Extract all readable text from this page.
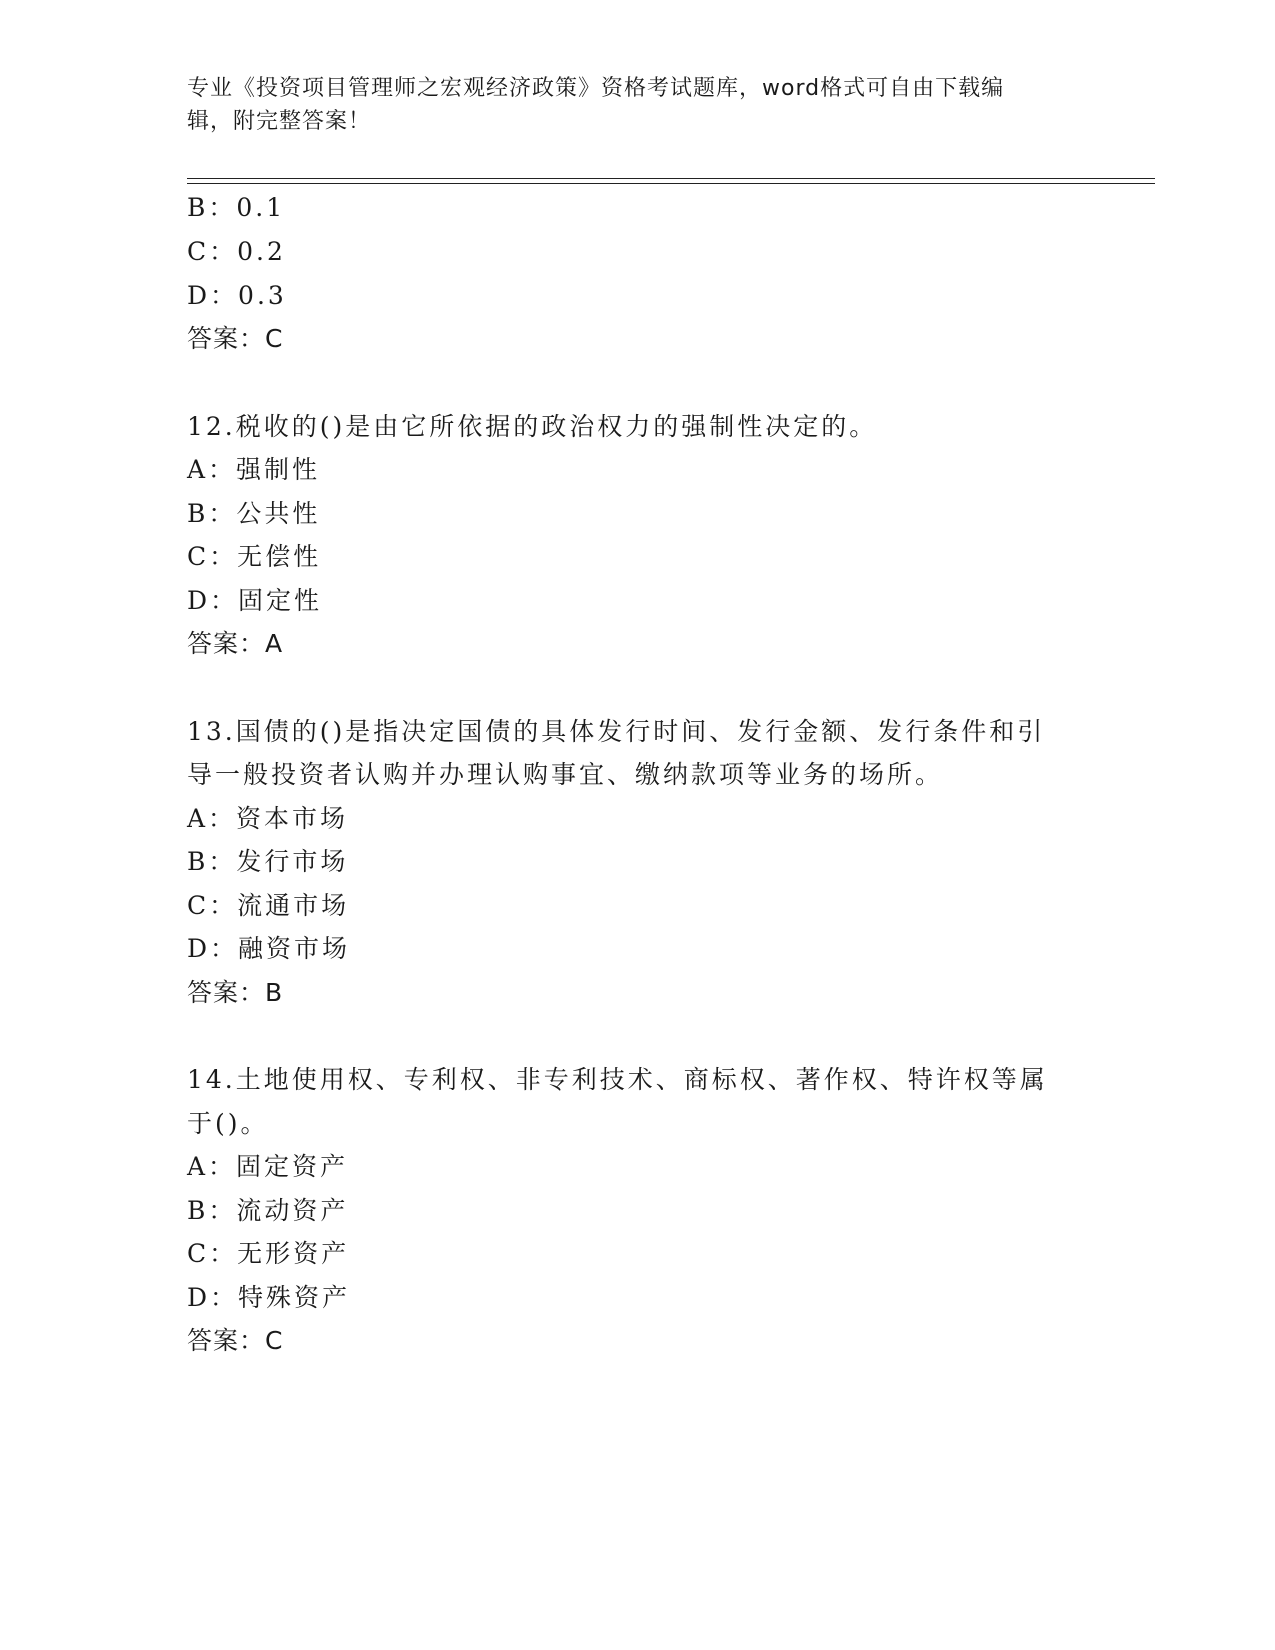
专业《投资项目管理师之宏观经济政策》资格考试题库，word格式可自由下载编
辑，附完整答案！
B：0.1
C：0.2
D：0.3
答案：C
12.税收的()是由它所依据的政治权力的强制性决定的。
A：强制性
B：公共性
C：无偿性
D：固定性
答案：A
13.国债的()是指决定国债的具体发行时间、发行金额、发行条件和引
导一般投资者认购并办理认购事宜、缴纳款项等业务的场所。
A：资本市场
B：发行市场
C：流通市场
D：融资市场
答案：B
14.土地使用权、专利权、非专利技术、商标权、著作权、特许权等属
于()。
A：固定资产
B：流动资产
C：无形资产
D：特殊资产
答案：C
